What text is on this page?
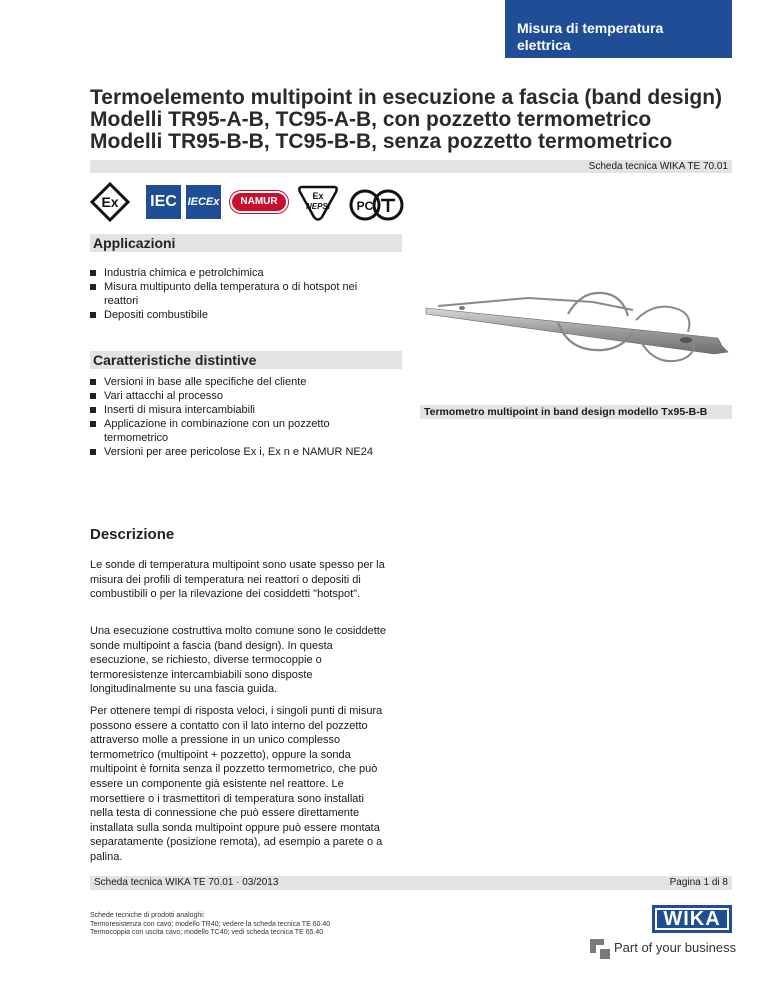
Misura di temperatura
elettrica
Termoelemento multipoint in esecuzione a fascia (band design)
Modelli TR95-A-B, TC95-A-B, con pozzetto termometrico
Modelli TR95-B-B, TC95-B-B, senza pozzetto termometrico
Scheda tecnica WIKA TE 70.01
Ex IEC IECEx	NAMUR	Ex
NEPSI PC
Applicazioni
Industria chimica e petrolchimica
Misura multipunto della temperatura o di hotspot nei reattori
Depositi combustibile
Caratteristiche distintive
Versioni in base alle specifiche del cliente
Vari attacchi al processo
Inserti di misura intercambiabili
Applicazione in combinazione con un pozzetto termometrico
Versioni per aree pericolose Ex i, Ex n e NAMUR NE24
Termometro multipoint in band design modello Tx95-B-B
Descrizione
Le sonde di temperatura multipoint sono usate spesso per la misura dei profili di temperatura nei reattori o depositi di combustibili o per la rilevazione dei cosiddetti "hotspot".
Una esecuzione costruttiva molto comune sono le cosiddette sonde multipoint a fascia (band design). In questa esecuzione, se richiesto, diverse termocoppie o termoresistenze intercambiabili sono disposte longitudinalmente su una fascia guida.
Per ottenere tempi di risposta veloci, i singoli punti di misura possono essere a contatto con il lato interno del pozzetto attraverso molle a pressione in un unico complesso termometrico (multipoint + pozzetto), oppure la sonda multipoint è fornita senza il pozzetto termometrico, che può essere un componente già esistente nel reattore. Le morsettiere o i trasmettitori di temperatura sono installati nella testa di connessione che può essere direttamente installata sulla sonda multipoint oppure può essere montata separatamente (posizione remota), ad esempio a parete o a palina.
Scheda tecnica WIKA TE 70.01 · 03/2013	Pagina 1 di 8
Schede tecniche di prodotti analoghi:
Termoresistenza con cavo; modello TR40; vedere la scheda tecnica TE 60.40
Termocoppia con uscita cavo; modello TC40; vedi scheda tecnica TE 65.40
WIKA
Part of your business
